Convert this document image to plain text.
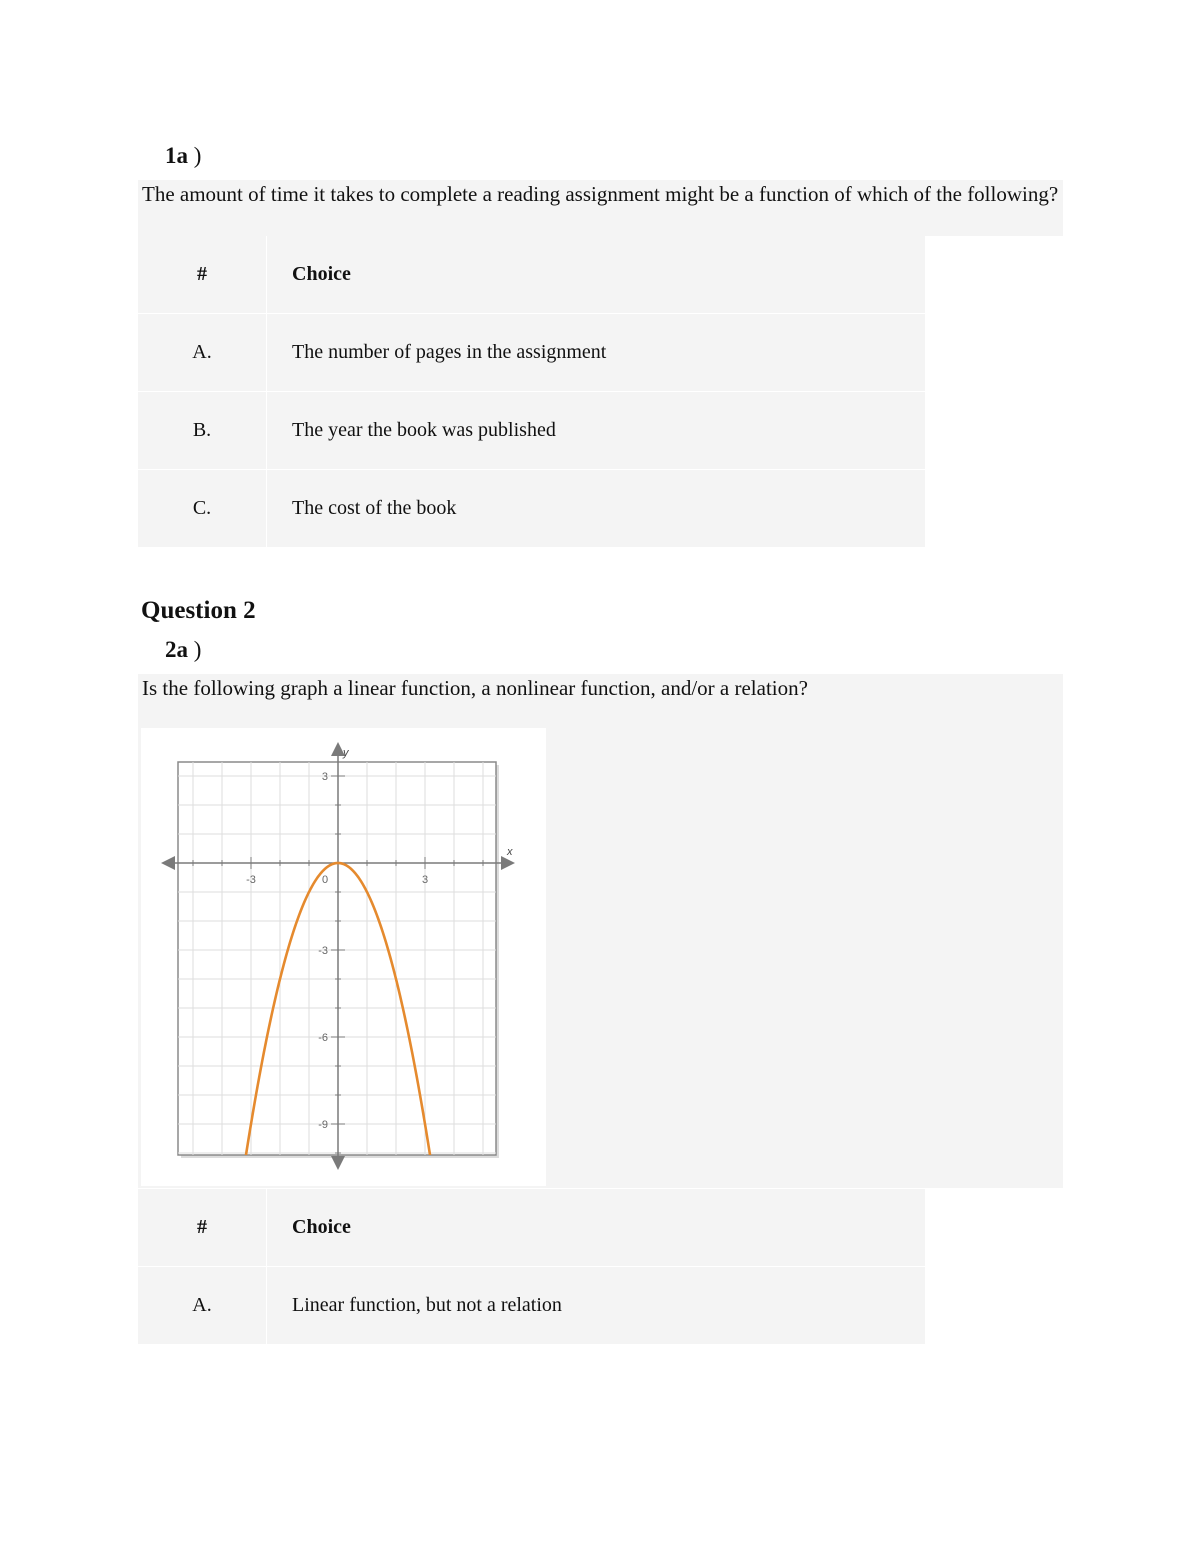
1a )
The amount of time it takes to complete a reading assignment might be a function of which of the following?
#	Choice
A.	The number of pages in the assignment
B.	The year the book was published
C.	The cost of the book
Question 2
2a )
Is the following graph a linear function, a nonlinear function, and/or a relation?
x
y
-3	3
0
3
-3
-6
-9
#	Choice
A.	Linear function, but not a relation
